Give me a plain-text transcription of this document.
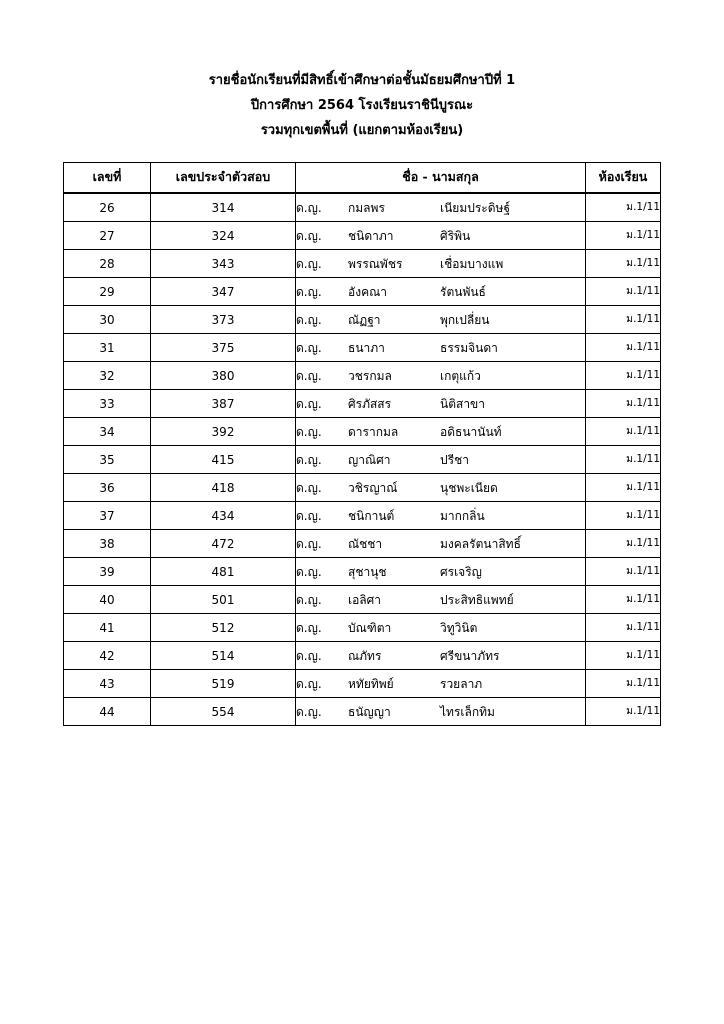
รายชื่อนักเรียนที่มีสิทธิ์เข้าศึกษาต่อชั้นมัธยมศึกษาปีที่ 1
ปีการศึกษา 2564 โรงเรียนราชินีบูรณะ
รวมทุกเขตพื้นที่ (แยกตามห้องเรียน)
เลขที่	เลขประจำตัวสอบ	ชื่อ - นามสกุล	ห้องเรียน
26	314	ด.ญ. กมลพร เนียมประดิษฐ์	ม.1/11
27	324	ด.ญ. ชนิดาภา ศิริพิน	ม.1/11
28	343	ด.ญ. พรรณพัชร เชื่อมบางแพ	ม.1/11
29	347	ด.ญ. อังคณา รัตนพันธ์	ม.1/11
30	373	ด.ญ. ณัฏฐา พุกเปลี่ยน	ม.1/11
31	375	ด.ญ. ธนาภา ธรรมจินดา	ม.1/11
32	380	ด.ญ. วชรกมล เกตุแก้ว	ม.1/11
33	387	ด.ญ. ศิรภัสสร นิติสาขา	ม.1/11
34	392	ด.ญ. ดารากมล อดิธนานันท์	ม.1/11
35	415	ด.ญ. ญาณิศา ปรีชา	ม.1/11
36	418	ด.ญ. วชิรญาณ์ นุชพะเนียด	ม.1/11
37	434	ด.ญ. ชนิกานต์ มากกลิ่น	ม.1/11
38	472	ด.ญ. ณัชชา มงคลรัตนาสิทธิ์	ม.1/11
39	481	ด.ญ. สุชานุช ศรเจริญ	ม.1/11
40	501	ด.ญ. เอลิศา ประสิทธิแพทย์	ม.1/11
41	512	ด.ญ. บัณฑิตา วิทูวินิต	ม.1/11
42	514	ด.ญ. ณภัทร ศรีขนาภัทร	ม.1/11
43	519	ด.ญ. หทัยทิพย์ รวยลาภ	ม.1/11
44	554	ด.ญ. ธนัญญา ไทรเล็กทิม	ม.1/11
